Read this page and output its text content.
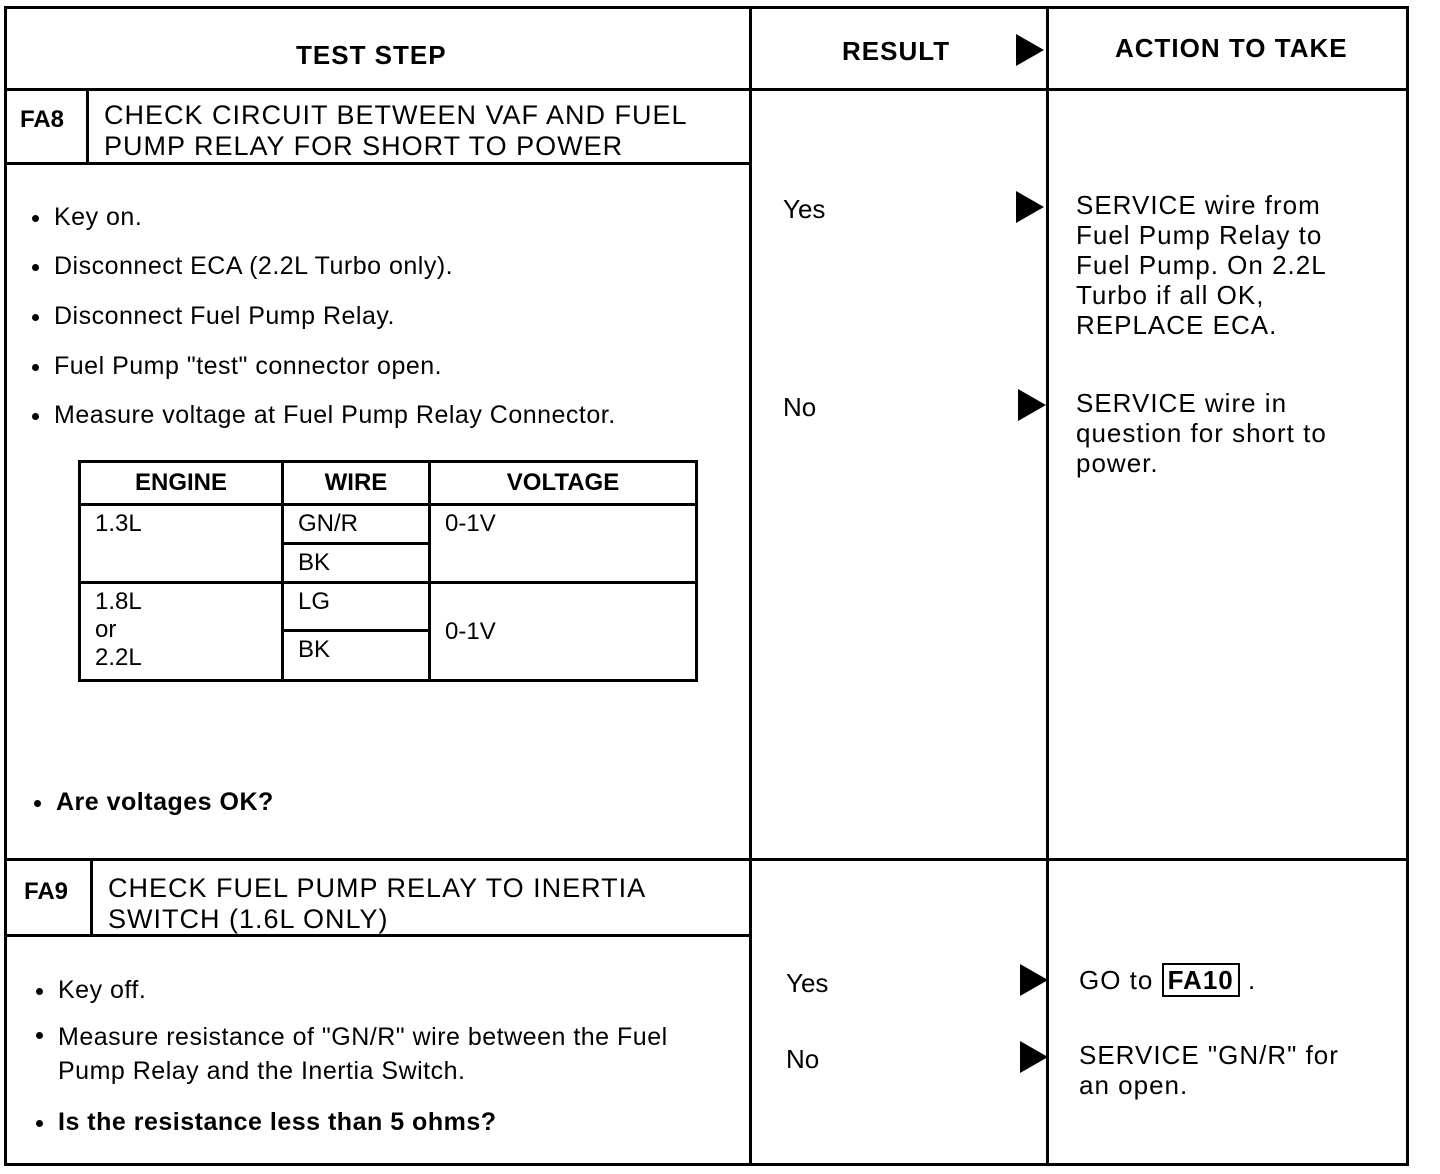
TEST STEP	RESULT	ACTION TO TAKE
FA8 CHECK CIRCUIT BETWEEN VAF AND FUEL PUMP RELAY FOR SHORT TO POWER
Key on.
Disconnect ECA (2.2L Turbo only).
Disconnect Fuel Pump Relay.
Fuel Pump "test" connector open.
Measure voltage at Fuel Pump Relay Connector.
ENGINE	WIRE	VOLTAGE
1.3L	GN/R	0-1V
	BK	

1.8L
or
2.2L	LG	0-1V
	BK	
Are voltages OK?
Yes	SERVICE wire from
Fuel Pump Relay to
Fuel Pump. On 2.2L
Turbo if all OK,
REPLACE ECA.
No	SERVICE wire in
question for short to
power.
FA9 CHECK FUEL PUMP RELAY TO INERTIA SWITCH (1.6L ONLY)
Key off.
Measure resistance of "GN/R" wire between the Fuel Pump Relay and the Inertia Switch.
Is the resistance less than 5 ohms?
Yes	GO to FA10 .
No	SERVICE "GN/R" for
an open.
